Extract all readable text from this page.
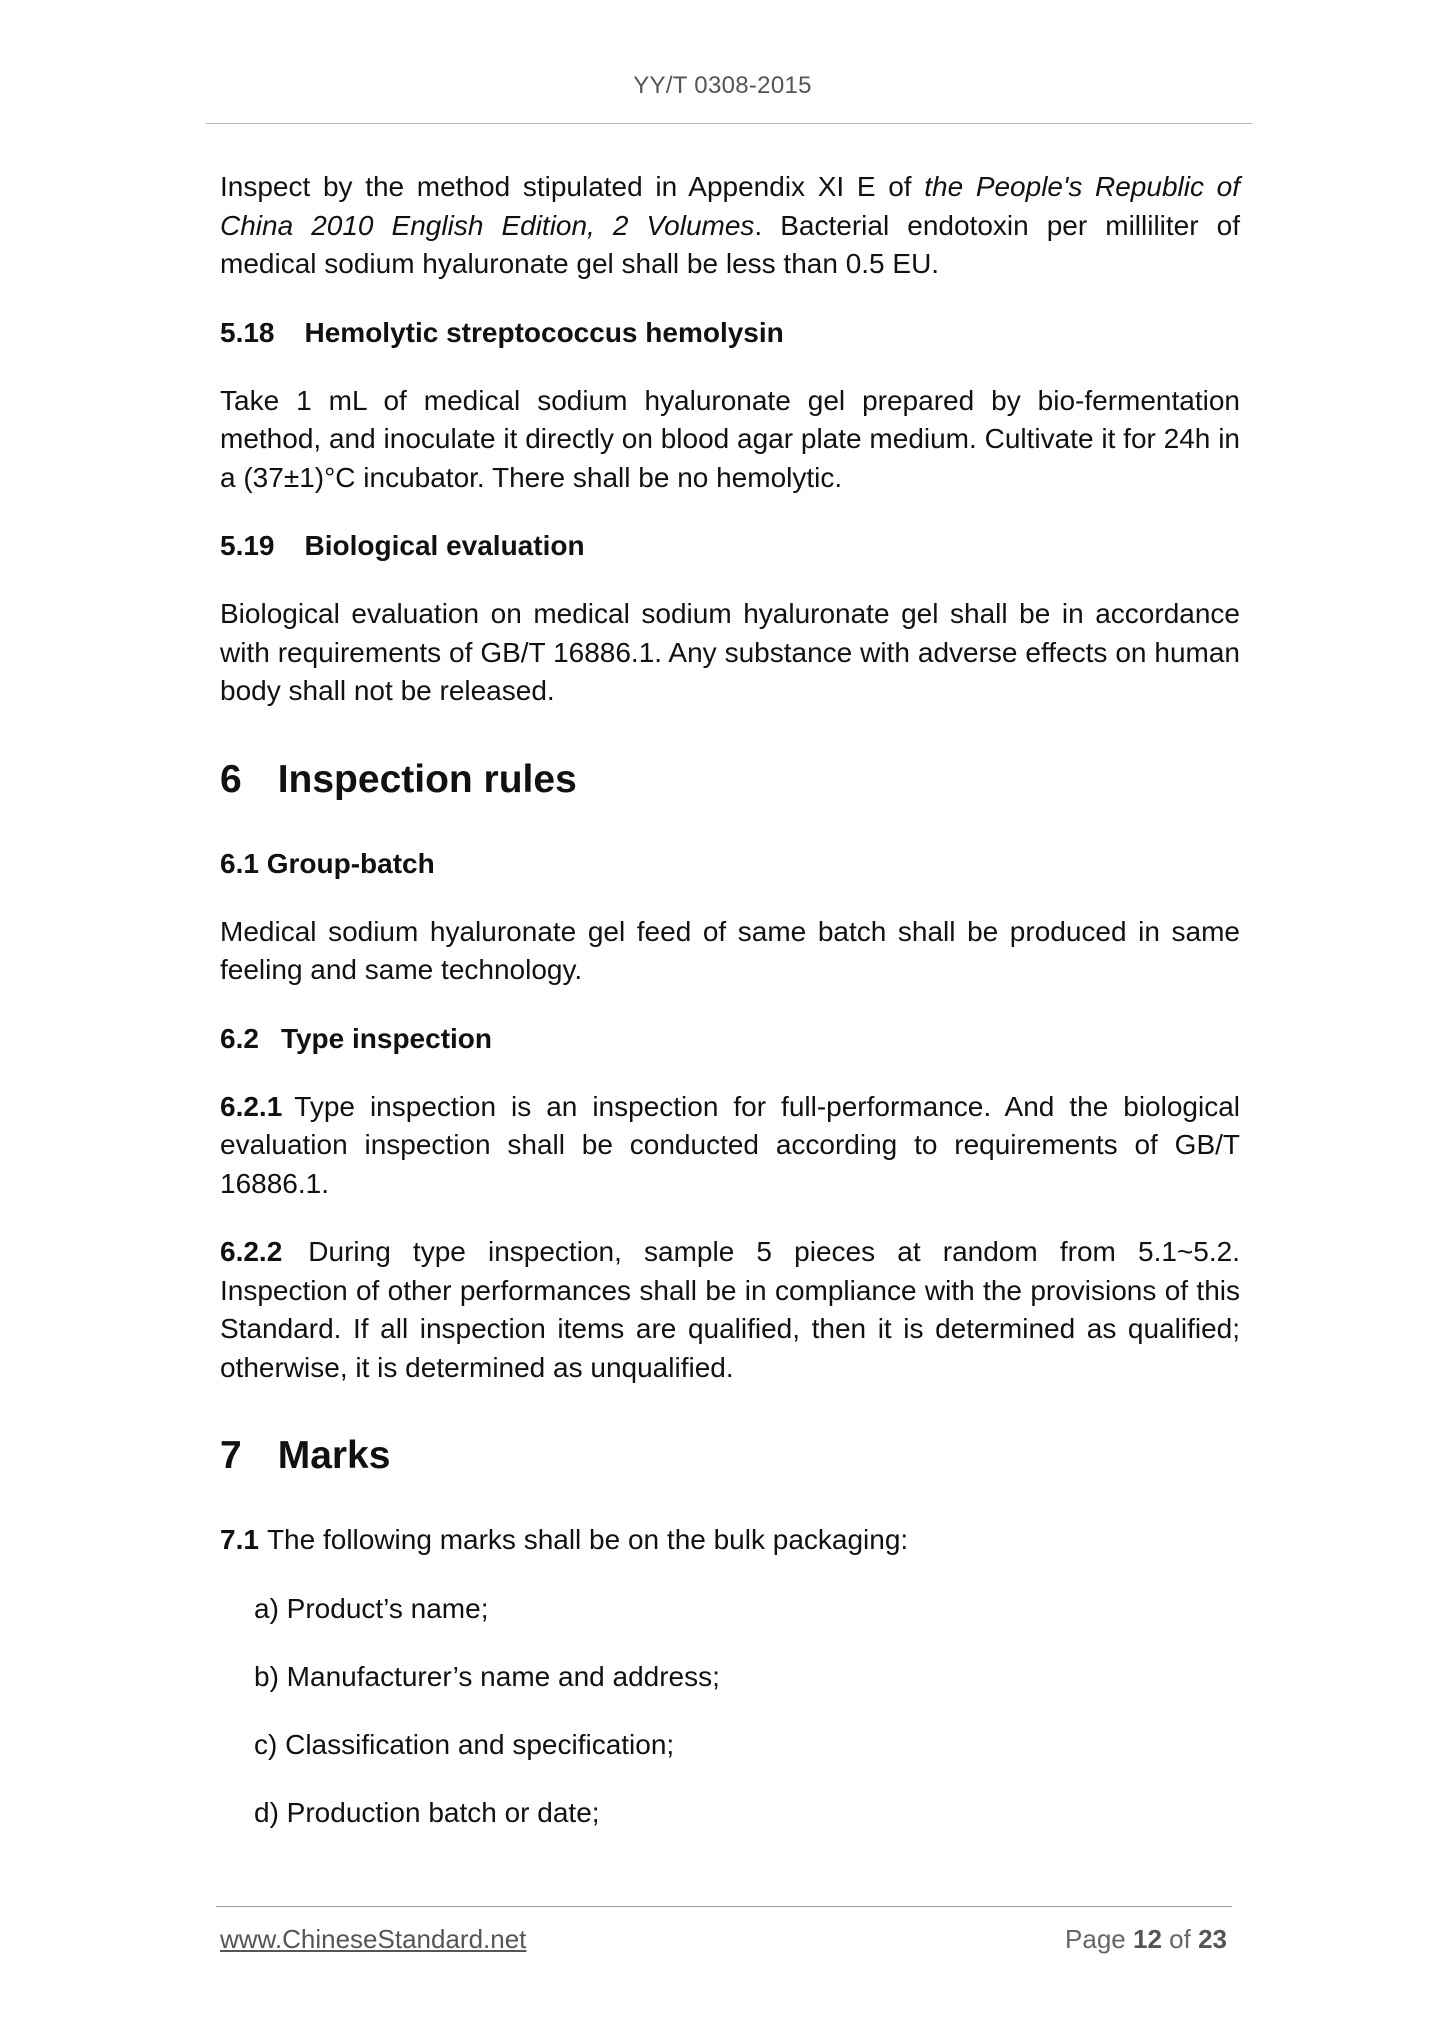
YY/T 0308-2015

Inspect by the method stipulated in Appendix XI E of the People's Republic of China 2010 English Edition, 2 Volumes. Bacterial endotoxin per milliliter of medical sodium hyaluronate gel shall be less than 0.5 EU.

5.18 Hemolytic streptococcus hemolysin

Take 1 mL of medical sodium hyaluronate gel prepared by bio-fermentation method, and inoculate it directly on blood agar plate medium. Cultivate it for 24h in a (37±1)°C incubator. There shall be no hemolytic.

5.19 Biological evaluation

Biological evaluation on medical sodium hyaluronate gel shall be in accordance with requirements of GB/T 16886.1. Any substance with adverse effects on human body shall not be released.

6 Inspection rules
6.1 Group-batch

Medical sodium hyaluronate gel feed of same batch shall be produced in same feeling and same technology.

6.2 Type inspection

6.2.1 Type inspection is an inspection for full-performance. And the biological evaluation inspection shall be conducted according to requirements of GB/T 16886.1.

6.2.2 During type inspection, sample 5 pieces at random from 5.1~5.2. Inspection of other performances shall be in compliance with the provisions of this Standard. If all inspection items are qualified, then it is determined as qualified; otherwise, it is determined as unqualified.

7 Marks

7.1 The following marks shall be on the bulk packaging:

a) Product’s name;
b) Manufacturer’s name and address;
c) Classification and specification;
d) Production batch or date;
www.ChineseStandard.net	Page 12 of 23
